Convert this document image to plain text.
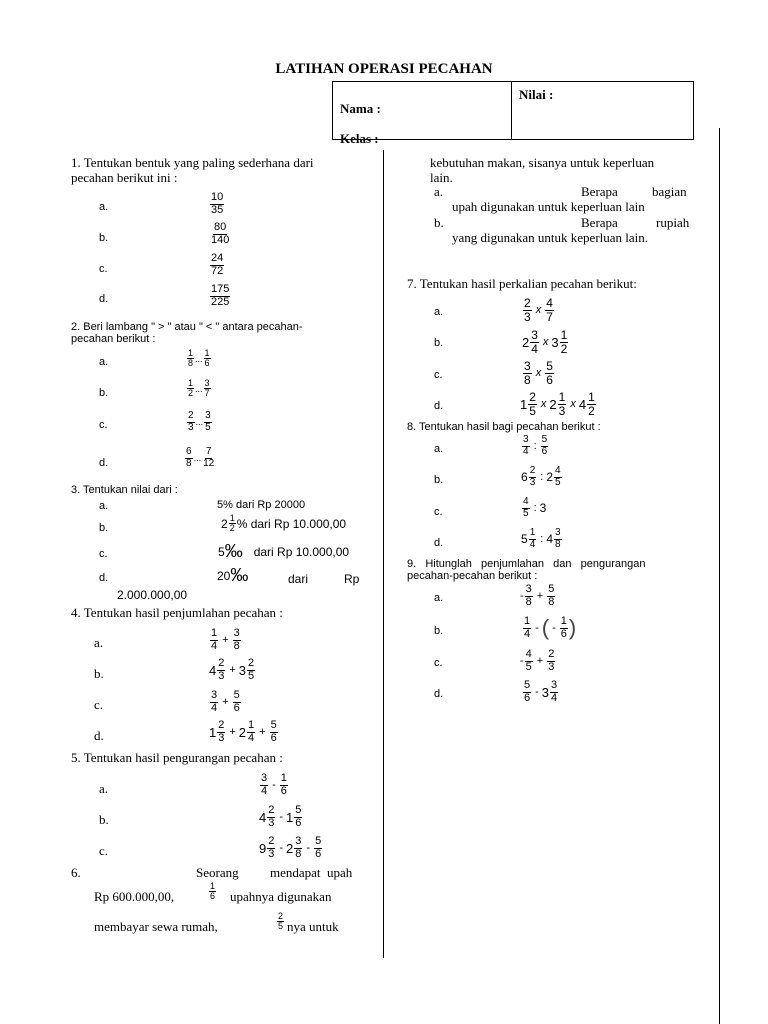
LATIHAN OPERASI PECAHAN
Nama :
Kelas :
Nilai :
1. Tentukan bentuk yang paling sederhana dari
pecahan berikut ini :
a.	$\frac{10}{35}$
b.	$\frac{80}{140}$
c.	$\frac{24}{72}$
d.	$\frac{175}{225}$
2. Beri lambang " > " atau " < " antara pecahan-
pecahan berikut :
a.	$\frac{1}{8}$ ... $\frac{1}{6}$
b.	$\frac{1}{2}$ ... $\frac{3}{7}$
c.	$\frac{2}{3}$ ... $\frac{3}{5}$
d.	$\frac{6}{8}$ ... $\frac{7}{12}$
3. Tentukan nilai dari :
a.	5% dari Rp 20000
b.	$2 \frac{1}{2}$ % dari Rp 10.000,00
c.	5 ‰ dari Rp 10.000,00
d.	20 ‰	dari	Rp
2.000.000,00
4. Tentukan hasil penjumlahan pecahan :
a.	$\frac{1}{4} + \frac{3}{8}$
b.	$4 \frac{2}{3} + 3 \frac{2}{5}$
c.	$\frac{3}{4} + \frac{5}{6}$
d.	$1 \frac{2}{3} + 2 \frac{1}{4} + \frac{5}{6}$
5. Tentukan hasil pengurangan pecahan :
a.	$\frac{3}{4} - \frac{1}{6}$
b.	$4 \frac{2}{3} - 1 \frac{5}{6}$
c.	$9 \frac{2}{3} - 2 \frac{3}{8} - \frac{5}{6}$
6.	Seorang mendapat upah
Rp 600.000,00,	$\frac{1}{6}$ upahnya digunakan
membayar sewa rumah,	$\frac{2}{5}$ nya untuk
kebutuhan makan, sisanya untuk keperluan
lain.
a.	Berapa	bagian
upah digunakan untuk keperluan lain
b.	Berapa	rupiah
yang digunakan untuk keperluan lain.
7. Tentukan hasil perkalian pecahan berikut:
a.	$\frac{2}{3}$ x $\frac{4}{7}$
b.	$2 \frac{3}{4}$ x $3 \frac{1}{2}$
c.	$\frac{3}{8}$ x $\frac{5}{6}$
d.	$1 \frac{2}{5}$ x $2 \frac{1}{3}$ x $4 \frac{1}{2}$
8. Tentukan hasil bagi pecahan berikut :
a.	$\frac{3}{4}$ : $\frac{5}{6}$
b.	$6 \frac{2}{3}$ : $2 \frac{4}{5}$
c.	$\frac{4}{5}$ : 3
d.	$5 \frac{1}{4}$ : $4 \frac{3}{8}$
9.   Hitunglah   penjumlahan   dan   pengurangan
pecahan-pecahan berikut :
a.	- $\frac{3}{8} + \frac{5}{8}$
b.	$\frac{1}{4}$ - ( - $\frac{1}{6}$ )
c.	- $\frac{4}{5} + \frac{2}{3}$
d.	$\frac{5}{6} - 3 \frac{3}{4}$
